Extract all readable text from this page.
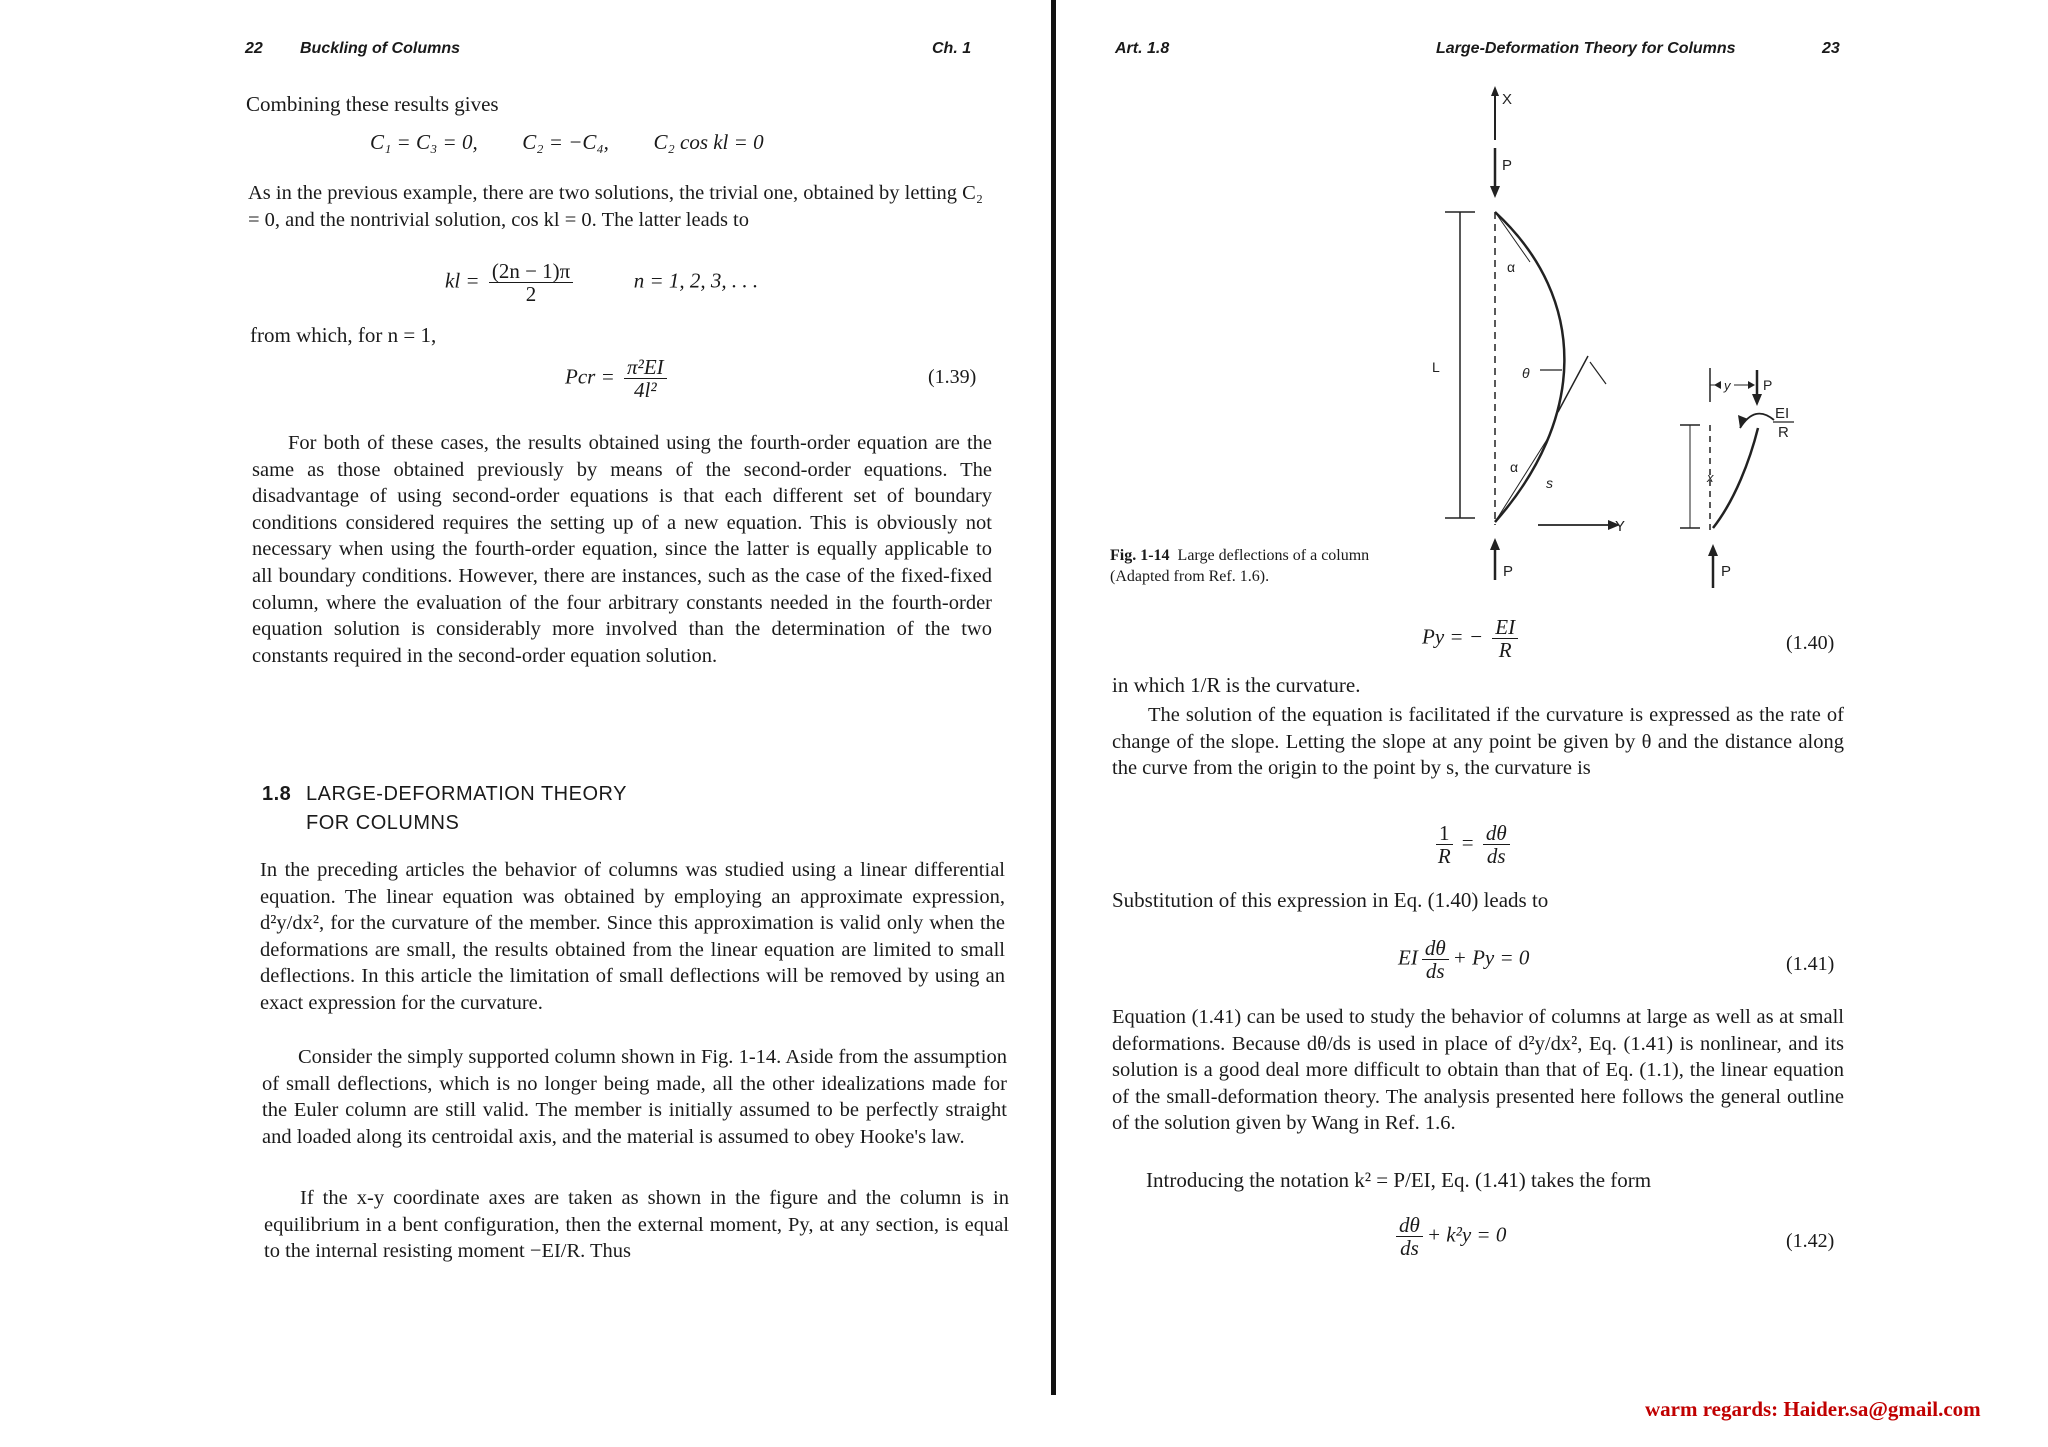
22 Buckling of Columns	Ch. 1
Combining these results gives
C₁ = C₃ = 0, C₂ = −C₄, C₂ cos kl = 0

As in the previous example, there are two solutions, the trivial one, obtained by letting C₂ = 0, and the nontrivial solution, cos kl = 0. The latter leads to

kl = $\frac{(2n - 1)\pi}{2}$	n = 1, 2, 3, . . .
from which, for n = 1,
Pcr = $\frac{\text{π²EI}}{\text{4l²}}$	(1.39)

For both of these cases, the results obtained using the fourth-order equation are the same as those obtained previously by means of the second-order equations. The disadvantage of using second-order equations is that each different set of boundary conditions considered requires the setting up of a new equation. This is obviously not necessary when using the fourth-order equation, since the latter is equally applicable to all boundary conditions. However, there are instances, such as the case of the fixed-fixed column, where the evaluation of the four arbitrary constants needed in the fourth-order equation solution is considerably more involved than the determination of the two constants required in the second-order equation solution.

1.8 LARGE-DEFORMATION THEORY
FOR COLUMNS

In the preceding articles the behavior of columns was studied using a linear differential equation. The linear equation was obtained by employing an approximate expression, d²y/dx², for the curvature of the member. Since this approximation is valid only when the deformations are small, the results obtained from the linear equation are limited to small deflections. In this article the limitation of small deflections will be removed by using an exact expression for the curvature.

Consider the simply supported column shown in Fig. 1-14. Aside from the assumption of small deflections, which is no longer being made, all the other idealizations made for the Euler column are still valid. The member is initially assumed to be perfectly straight and loaded along its centroidal axis, and the material is assumed to obey Hooke's law.

If the x-y coordinate axes are taken as shown in the figure and the column is in equilibrium in a bent configuration, then the external moment, Py, at any section, is equal to the internal resisting moment −EI/R. Thus

Art. 1.8	Large-Deformation Theory for Columns	23
X
P
L
α
θ
α
s
Y
P
y P
EI
R
x
P

Fig. 1-14 Large deflections of a column (Adapted from Ref. 1.6).

Py = − $\frac{EI}{R}$	(1.40)
in which 1/R is the curvature.

The solution of the equation is facilitated if the curvature is expressed as the rate of change of the slope. Letting the slope at any point be given by θ and the distance along the curve from the origin to the point by s, the curvature is

$\frac{1}{R} = \frac{d\theta}{ds}$
Substitution of this expression in Eq. (1.40) leads to
EI $\frac{d\theta}{ds} + Py = 0$	(1.41)

Equation (1.41) can be used to study the behavior of columns at large as well as at small deformations. Because dθ/ds is used in place of d²y/dx², Eq. (1.41) is nonlinear, and its solution is a good deal more difficult to obtain than that of Eq. (1.1), the linear equation of the small-deformation theory. The analysis presented here follows the general outline of the solution given by Wang in Ref. 1.6.

Introducing the notation k² = P/EI, Eq. (1.41) takes the form
$\frac{d\theta}{ds} + k^2y = 0$	(1.42)
warm regards: Haider.sa@gmail.com
